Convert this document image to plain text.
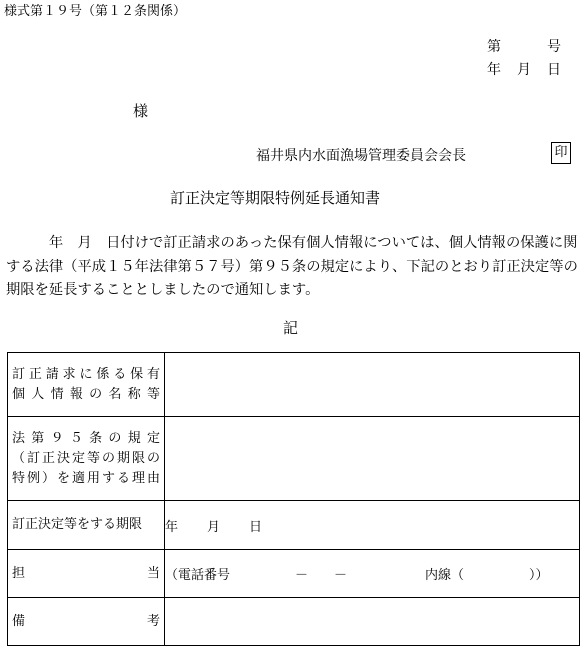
様式第１９号（第１２条関係）
第　　　号
年　月　日
様
福井県内水面漁場管理委員会会長	印
訂正決定等期限特例延長通知書
　　　年　月　日付けで訂正請求のあった保有個人情報については、個人情報の保護に関する法律（平成１５年法律第５７号）第９５条の規定により、下記のとおり訂正決定等の期限を延長することとしましたので通知します。
記
訂正請求に係る保有
個人情報の名称等	

法第９５条の規定
（訂正決定等の期限の
特例）を適用する理由	

訂正決定等をする期限	年　　月　　日

担 当	（電話番号　　　　　－　　－　　　　　　内線（　　　　　））

備 考	
